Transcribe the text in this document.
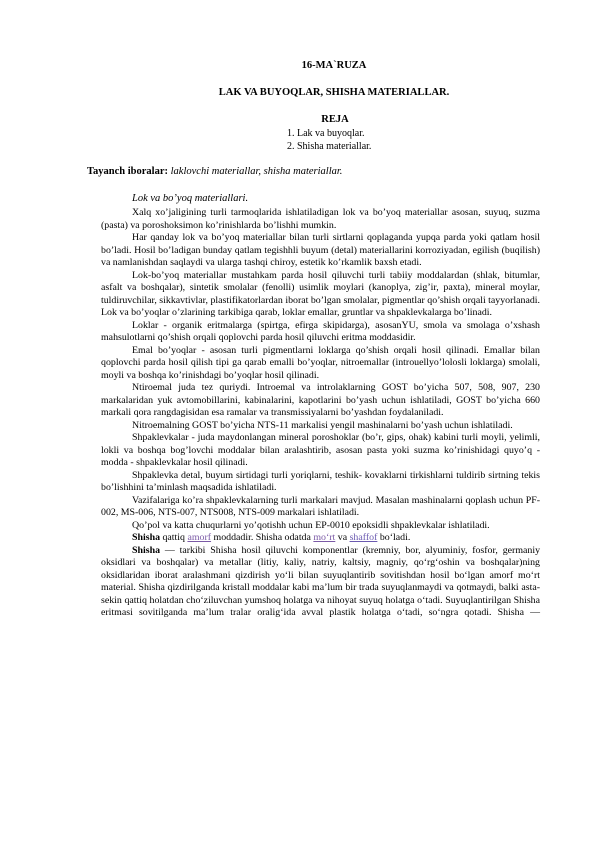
16-MA`RUZA
LAK VA BUYOQLAR, SHISHA MATERIALLAR.
REJA
1. Lak va buyoqlar.
2. Shisha materiallar.
Tayanch iboralar: laklovchi materiallar, shisha materiallar.
Lok va bo’yoq materiallari.

Xalq xo’jaligining turli tarmoqlarida ishlatiladigan lok va bo’yoq materiallar asosan, suyuq, suzma (pasta) va poroshoksimon ko’rinishlarda bo’lishhi mumkin.

Har qanday lok va bo’yoq materiallar bilan turli sirtlarni qoplaganda yupqa parda yoki qatlam hosil bo’ladi. Hosil bo’ladigan bunday qatlam tegishhli buyum (detal) materiallarini korroziyadan, egilish (buqilish) va namlanishdan saqlaydi va ularga tashqi chiroy, estetik ko’rkamlik baxsh etadi.

Lok-bo’yoq materiallar mustahkam parda hosil qiluvchi turli tabiiy moddalardan (shlak, bitumlar, asfalt va boshqalar), sintetik smolalar (fenolli) usimlik moylari (kanoplya, zig’ir, paxta), mineral moylar, tuldiruvchilar, sikkavtivlar, plastifikatorlardan iborat bo’lgan smolalar, pigmentlar qo’shish orqali tayyorlanadi. Lok va bo’yoqlar o’zlarining tarkibiga qarab, loklar emallar, gruntlar va shpaklevkalarga bo’linadi.

Loklar - organik eritmalarga (spirtga, efirga skipidarga), asosanYU, smola va smolaga o’xshash mahsulotlarni qo’shish orqali qoplovchi parda hosil qiluvchi eritma moddasidir.

Emal bo’yoqlar - asosan turli pigmentlarni loklarga qo’shish orqali hosil qilinadi. Emallar bilan qoplovchi parda hosil qilish tipi ga qarab emalli bo’yoqlar, nitroemallar (introuellyo’lolosli loklarga) smolali, moyli va boshqa ko’rinishdagi bo’yoqlar hosil qilinadi.

Ntiroemal juda tez quriydi. Introemal va introlaklarning GOST bo’yicha 507, 508, 907, 230 markalaridan yuk avtomobillarini, kabinalarini, kapotlarini bo’yash uchun ishlatiladi, GOST bo’yicha 660 markali qora rangdagisidan esa ramalar va transmissiyalarni bo’yashdan foydalaniladi.

Nitroemalning GOST bo’yicha NTS-11 markalisi yengil mashinalarni bo’yash uchun ishlatiladi.

Shpaklevkalar - juda maydonlangan mineral poroshoklar (bo’r, gips, ohak) kabini turli moyli, yelimli, lokli va boshqa bog’lovchi moddalar bilan aralashtirib, asosan pasta yoki suzma ko’rinishidagi quyo’q - modda - shpaklevkalar hosil qilinadi.

Shpaklevka detal, buyum sirtidagi turli yoriqlarni, teshik- kovaklarni tirkishlarni tuldirib sirtning tekis bo’lishhini ta’minlash maqsadida ishlatiladi.

Vazifalariga ko’ra shpaklevkalarning turli markalari mavjud. Masalan mashinalarni qoplash uchun PF-002, MS-006, NTS-007, NTS008, NTS-009 markalari ishlatiladi.

Qo’pol va katta chuqurlarni yo’qotishh uchun EP-0010 epoksidli shpaklevkalar ishlatiladi.

Shisha qattiq amorf moddadir. Shisha odatda mo‘rt va shaffof bo‘ladi.

Shisha — tarkibi Shisha hosil qiluvchi komponentlar (kremniy, bor, alyuminiy, fosfor, germaniy oksidlari va boshqalar) va metallar (litiy, kaliy, natriy, kaltsiy, magniy, qo‘rg‘oshin va boshqalar)ning oksidlaridan iborat aralashmani qizdirish yo‘li bilan suyuqlantirib sovitishdan hosil bo‘lgan amorf mo‘rt material. Shisha qizdirilganda kristall moddalar kabi ma’lum bir trada suyuqlanmaydi va qotmaydi, balki asta-sekin qattiq holatdan cho‘ziluvchan yumshoq holatga va nihoyat suyuq holatga o‘tadi. Suyuqlantirilgan Shisha eritmasi sovitilganda ma’lum tralar oralig‘ida avval plastik holatga o‘tadi, so‘ngra qotadi. Shisha —
